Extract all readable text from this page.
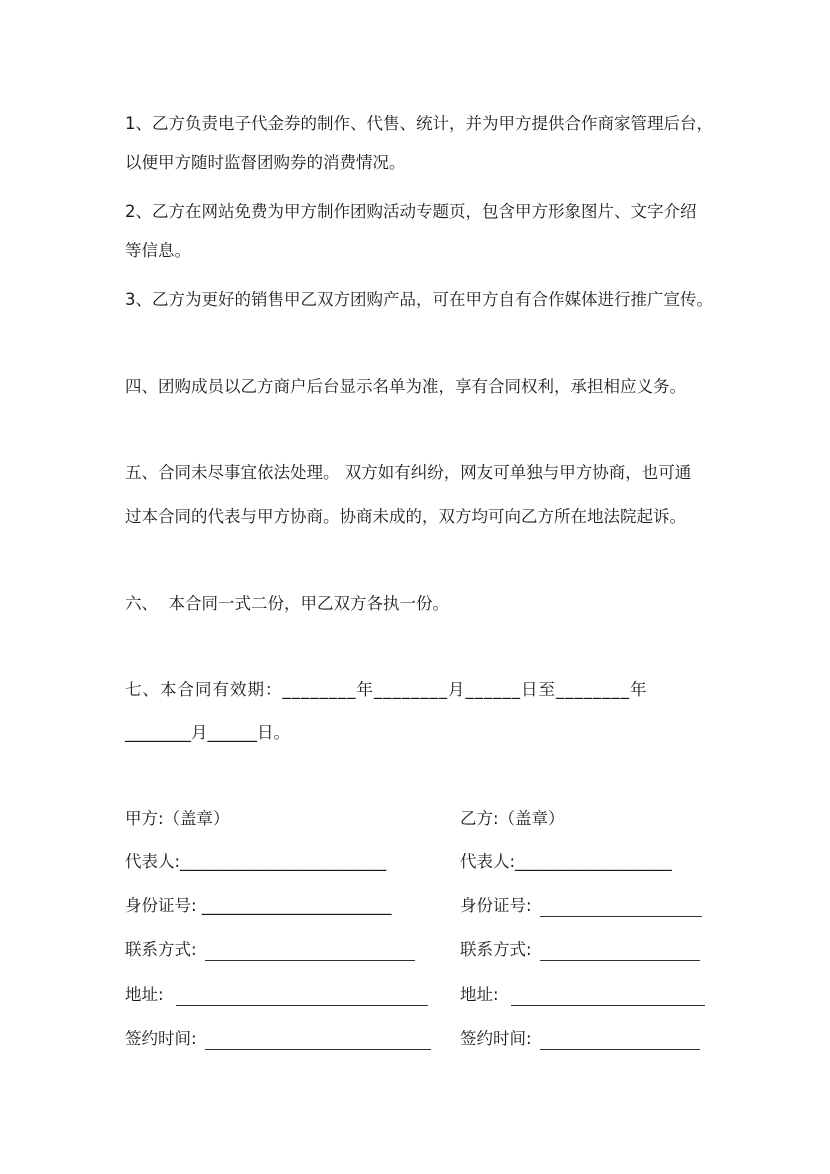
1、乙方负责电子代金券的制作、代售、统计，并为甲方提供合作商家管理后台，
以便甲方随时监督团购券的消费情况。
2、乙方在网站免费为甲方制作团购活动专题页，包含甲方形象图片、文字介绍
等信息。
3、乙方为更好的销售甲乙双方团购产品，可在甲方自有合作媒体进行推广宣传。
四、团购成员以乙方商户后台显示名单为准，享有合同权利，承担相应义务。
五、合同未尽事宜依法处理。 双方如有纠纷，网友可单独与甲方协商，也可通
过本合同的代表与甲方协商。协商未成的，双方均可向乙方所在地法院起诉。
六、  本合同一式二份，甲乙双方各执一份。
七、本合同有效期：________年________月______日至________年
________月______日。
甲方:（盖章）
代表人:_________________________
身份证号: _______________________
联系方式:
地址:
签约时间:
乙方:（盖章）
代表人:___________________
身份证号:
联系方式:
地址:
签约时间:
